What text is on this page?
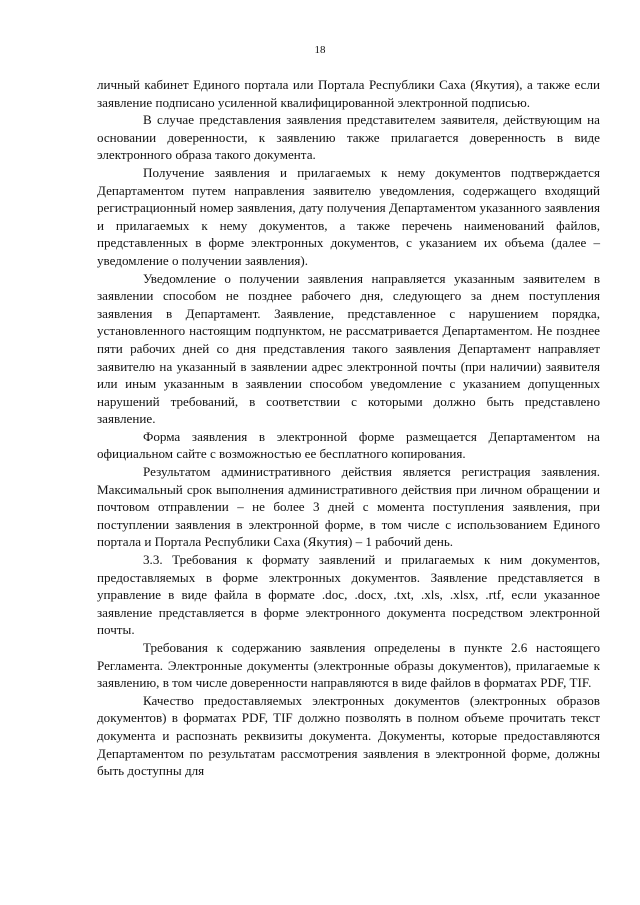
18

личный кабинет Единого портала или Портала Республики Саха (Якутия), а также если заявление подписано усиленной квалифицированной электронной подписью.

В случае представления заявления представителем заявителя, действующим на основании доверенности, к заявлению также прилагается доверенность в виде электронного образа такого документа.

Получение заявления и прилагаемых к нему документов подтверждается Департаментом путем направления заявителю уведомления, содержащего входящий регистрационный номер заявления, дату получения Департаментом указанного заявления и прилагаемых к нему документов, а также перечень наименований файлов, представленных в форме электронных документов, с указанием их объема (далее – уведомление о получении заявления).

Уведомление о получении заявления направляется указанным заявителем в заявлении способом не позднее рабочего дня, следующего за днем поступления заявления в Департамент. Заявление, представленное с нарушением порядка, установленного настоящим подпунктом, не рассматривается Департаментом. Не позднее пяти рабочих дней со дня представления такого заявления Департамент направляет заявителю на указанный в заявлении адрес электронной почты (при наличии) заявителя или иным указанным в заявлении способом уведомление с указанием допущенных нарушений требований, в соответствии с которыми должно быть представлено заявление.

Форма заявления в электронной форме размещается Департаментом на официальном сайте с возможностью ее бесплатного копирования.

Результатом административного действия является регистрация заявления. Максимальный срок выполнения административного действия при личном обращении и почтовом отправлении – не более 3 дней с момента поступления заявления, при поступлении заявления в электронной форме, в том числе с использованием Единого портала и Портала Республики Саха (Якутия) – 1 рабочий день.

3.3. Требования к формату заявлений и прилагаемых к ним документов, предоставляемых в форме электронных документов. Заявление представляется в управление в виде файла в формате .doc, .docx, .txt, .xls, .xlsx, .rtf, если указанное заявление представляется в форме электронного документа посредством электронной почты.

Требования к содержанию заявления определены в пункте 2.6 настоящего Регламента. Электронные документы (электронные образы документов), прилагаемые к заявлению, в том числе доверенности направляются в виде файлов в форматах PDF, TIF.

Качество предоставляемых электронных документов (электронных образов документов) в форматах PDF, TIF должно позволять в полном объеме прочитать текст документа и распознать реквизиты документа. Документы, которые предоставляются Департаментом по результатам рассмотрения заявления в электронной форме, должны быть доступны для
